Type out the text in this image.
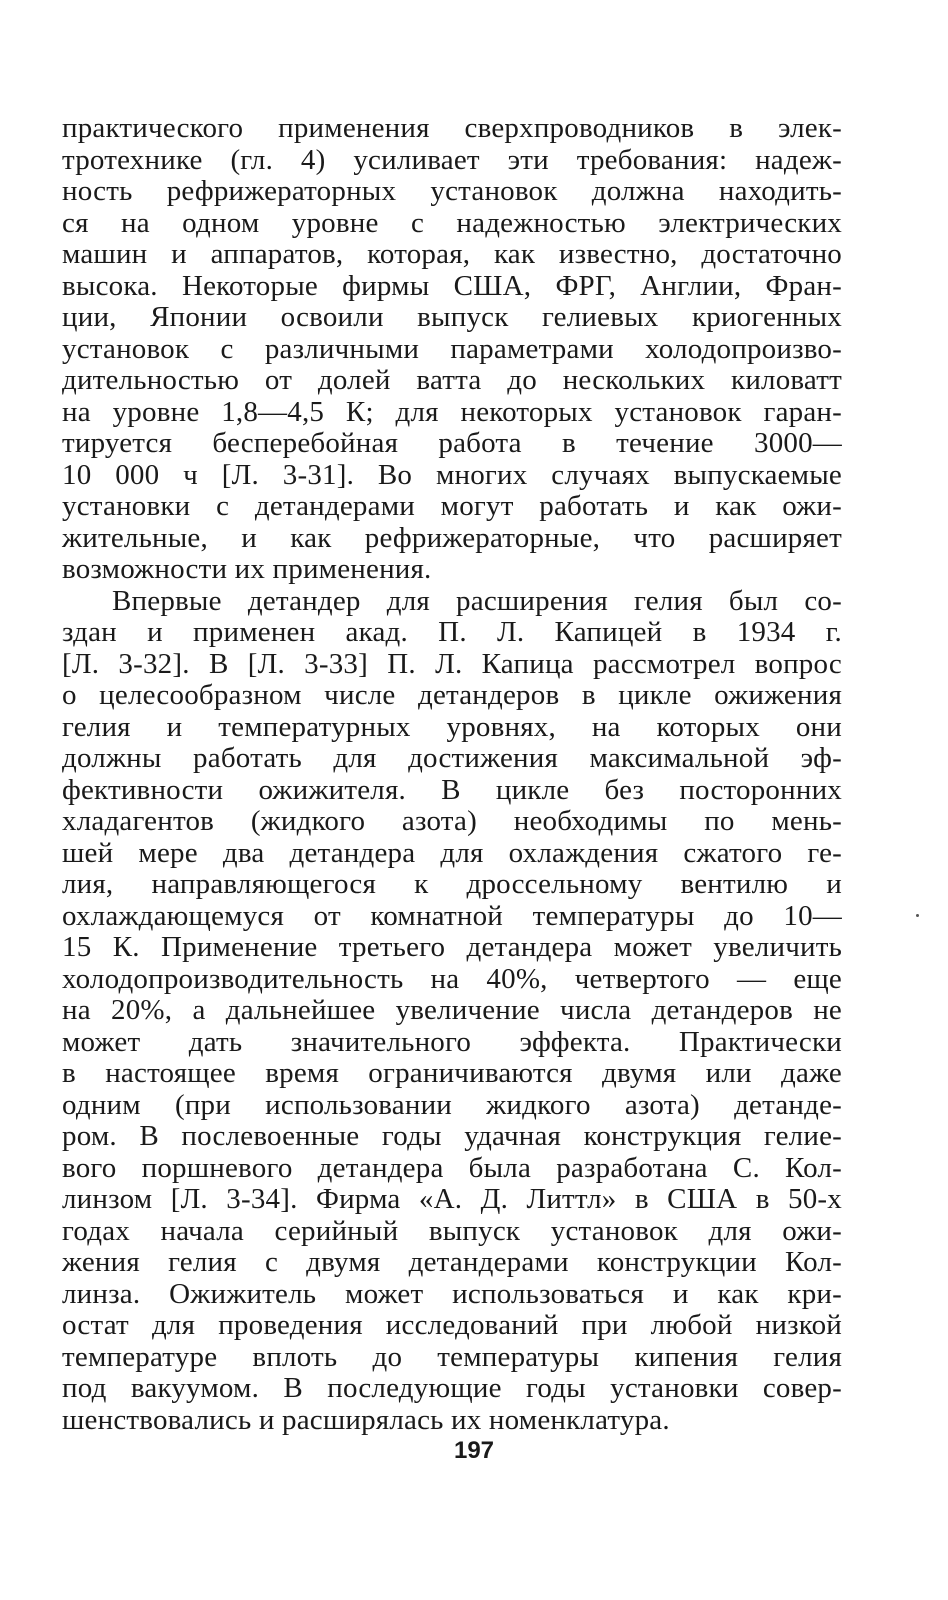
практического применения сверхпроводников в элек-
тротехнике (гл. 4) усиливает эти требования: надеж-
ность рефрижераторных установок должна находить-
ся на одном уровне с надежностью электрических
машин и аппаратов, которая, как известно, достаточно
высока. Некоторые фирмы США, ФРГ, Англии, Фран-
ции, Японии освоили выпуск гелиевых криогенных
установок с различными параметрами холодопроизво-
дительностью от долей ватта до нескольких киловатт
на уровне 1,8—4,5 К; для некоторых установок гаран-
тируется бесперебойная работа в течение 3000—
10 000 ч [Л. 3-31]. Во многих случаях выпускаемые
установки с детандерами могут работать и как ожи-
жительные, и как рефрижераторные, что расширяет
возможности их применения.
Впервые детандер для расширения гелия был со-
здан и применен акад. П. Л. Капицей в 1934 г.
[Л. 3-32]. В [Л. 3-33] П. Л. Капица рассмотрел вопрос
о целесообразном числе детандеров в цикле ожижения
гелия и температурных уровнях, на которых они
должны работать для достижения максимальной эф-
фективности ожижителя. В цикле без посторонних
хладагентов (жидкого азота) необходимы по мень-
шей мере два детандера для охлаждения сжатого ге-
лия, направляющегося к дроссельному вентилю и
охлаждающемуся от комнатной температуры до 10—
15 К. Применение третьего детандера может увеличить
холодопроизводительность на 40%, четвертого — еще
на 20%, а дальнейшее увеличение числа детандеров не
может дать значительного эффекта. Практически
в настоящее время ограничиваются двумя или даже
одним (при использовании жидкого азота) детанде-
ром. В послевоенные годы удачная конструкция гелие-
вого поршневого детандера была разработана С. Кол-
линзом [Л. 3-34]. Фирма «А. Д. Литтл» в США в 50-х
годах начала серийный выпуск установок для ожи-
жения гелия с двумя детандерами конструкции Кол-
линза. Ожижитель может использоваться и как кри-
остат для проведения исследований при любой низкой
температуре вплоть до температуры кипения гелия
под вакуумом. В последующие годы установки совер-
шенствовались и расширялась их номенклатура.
197
